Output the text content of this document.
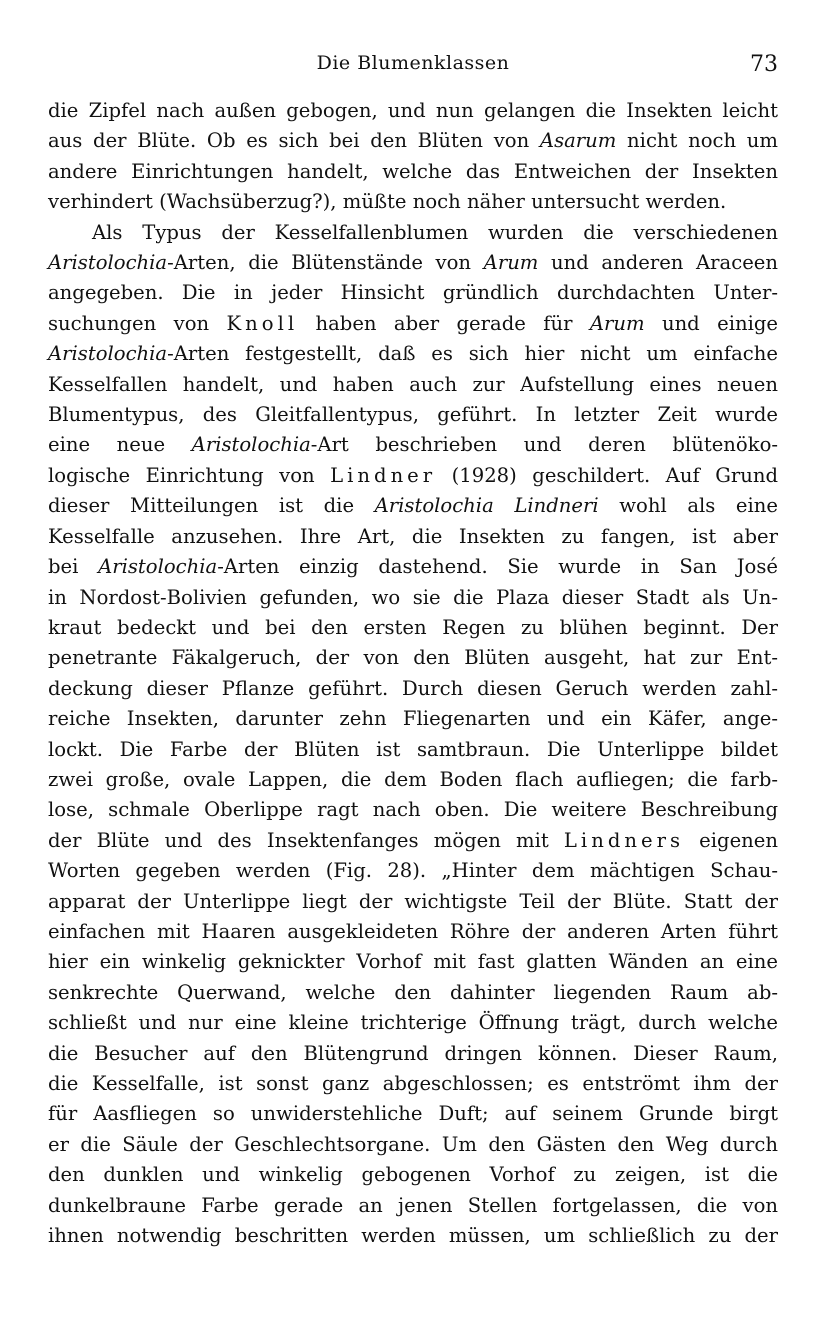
Die Blumenklassen	73
die Zipfel nach außen gebogen, und nun gelangen die Insekten leicht
aus der Blüte. Ob es sich bei den Blüten von Asarum nicht noch um
andere Einrichtungen handelt, welche das Entweichen der Insekten
verhindert (Wachsüberzug?), müßte noch näher untersucht werden.
Als Typus der Kesselfallenblumen wurden die verschiedenen
Aristolochia-Arten, die Blütenstände von Arum und anderen Araceen
angegeben. Die in jeder Hinsicht gründlich durchdachten Unter-
suchungen von Knoll haben aber gerade für Arum und einige
Aristolochia-Arten festgestellt, daß es sich hier nicht um einfache
Kesselfallen handelt, und haben auch zur Aufstellung eines neuen
Blumentypus, des Gleitfallentypus, geführt. In letzter Zeit wurde
eine neue Aristolochia-Art beschrieben und deren blütenöko-
logische Einrichtung von Lindner (1928) geschildert. Auf Grund
dieser Mitteilungen ist die Aristolochia Lindneri wohl als eine
Kesselfalle anzusehen. Ihre Art, die Insekten zu fangen, ist aber
bei Aristolochia-Arten einzig dastehend. Sie wurde in San José
in Nordost-Bolivien gefunden, wo sie die Plaza dieser Stadt als Un-
kraut bedeckt und bei den ersten Regen zu blühen beginnt. Der
penetrante Fäkalgeruch, der von den Blüten ausgeht, hat zur Ent-
deckung dieser Pflanze geführt. Durch diesen Geruch werden zahl-
reiche Insekten, darunter zehn Fliegenarten und ein Käfer, ange-
lockt. Die Farbe der Blüten ist samtbraun. Die Unterlippe bildet
zwei große, ovale Lappen, die dem Boden flach aufliegen; die farb-
lose, schmale Oberlippe ragt nach oben. Die weitere Beschreibung
der Blüte und des Insektenfanges mögen mit Lindners eigenen
Worten gegeben werden (Fig. 28). „Hinter dem mächtigen Schau-
apparat der Unterlippe liegt der wichtigste Teil der Blüte. Statt der
einfachen mit Haaren ausgekleideten Röhre der anderen Arten führt
hier ein winkelig geknickter Vorhof mit fast glatten Wänden an eine
senkrechte Querwand, welche den dahinter liegenden Raum ab-
schließt und nur eine kleine trichterige Öffnung trägt, durch welche
die Besucher auf den Blütengrund dringen können. Dieser Raum,
die Kesselfalle, ist sonst ganz abgeschlossen; es entströmt ihm der
für Aasfliegen so unwiderstehliche Duft; auf seinem Grunde birgt
er die Säule der Geschlechtsorgane. Um den Gästen den Weg durch
den dunklen und winkelig gebogenen Vorhof zu zeigen, ist die
dunkelbraune Farbe gerade an jenen Stellen fortgelassen, die von
ihnen notwendig beschritten werden müssen, um schließlich zu der
